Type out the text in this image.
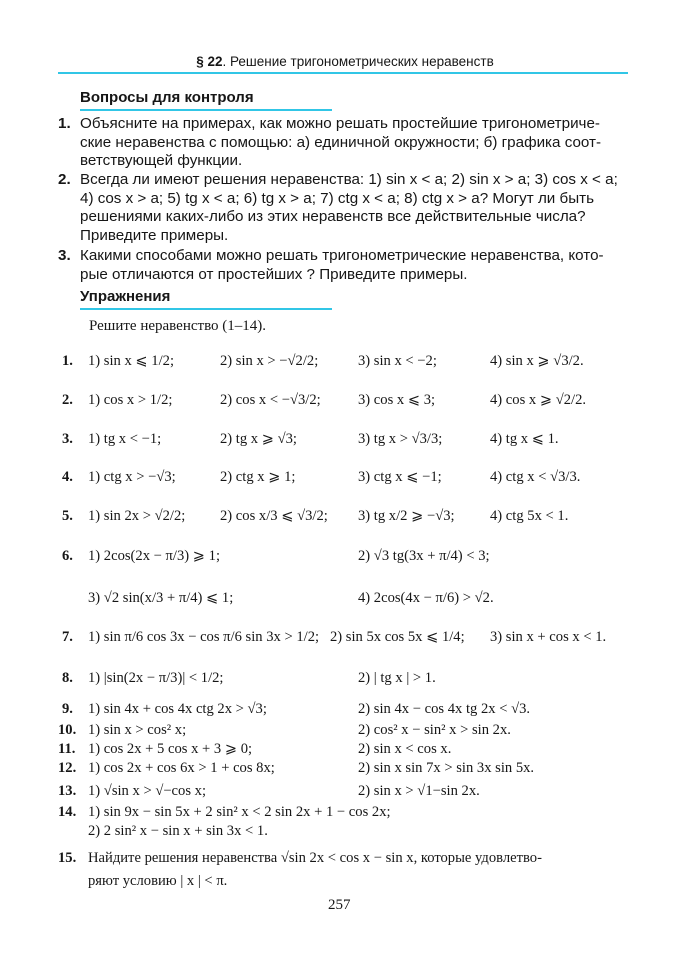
§ 22. Решение тригонометрических неравенств
Вопросы для контроля
1. Объясните на примерах, как можно решать простейшие тригонометриче-
ские неравенства с помощью: а) единичной окружности; б) графика соот-
ветствующей функции.
2. Всегда ли имеют решения неравенства: 1) sin x < a; 2) sin x > a; 3) cos x < a;
4) cos x > a; 5) tg x < a; 6) tg x > a; 7) ctg x < a; 8) ctg x > a? Могут ли быть
решениями каких-либо из этих неравенств все действительные числа?
Приведите примеры.
3. Какими способами можно решать тригонометрические неравенства, кото-
рые отличаются от простейших ? Приведите примеры.
Упражнения
Решите неравенство (1–14).
1. 1) sin x ⩽ 1/2;	2) sin x > −√2/2;	3) sin x < −2;	4) sin x ⩾ √3/2.
2. 1) cos x > 1/2;	2) cos x < −√3/2;	3) cos x ⩽ 3;	4) cos x ⩾ √2/2.
3. 1) tg x < −1;	2) tg x ⩾ √3;	3) tg x > √3/3;	4) tg x ⩽ 1.
4. 1) ctg x > −√3;	2) ctg x ⩾ 1;	3) ctg x ⩽ −1;	4) ctg x < √3/3.
5. 1) sin 2x > √2/2; 2) cos x/3 ⩽ √3/2; 3) tg x/2 ⩾ −√3; 4) ctg 5x < 1.
6. 1) 2cos(2x − π/3) ⩾ 1;	2) √3 tg(3x + π/4) < 3;
3) √2 sin(x/3 + π/4) ⩽ 1;	4) 2cos(4x − π/6) > √2.
7. 1) sin π/6 cos 3x − cos π/6 sin 3x > 1/2; 2) sin 5x cos 5x ⩽ 1/4; 3) sin x + cos x < 1.
8. 1) |sin(2x − π/3)| < 1/2;	2) | tg x | > 1.
9. 1) sin 4x + cos 4x ctg 2x > √3;	2) sin 4x − cos 4x tg 2x < √3.
10. 1) sin x > cos² x;	2) cos² x − sin² x > sin 2x.
11. 1) cos 2x + 5 cos x + 3 ⩾ 0;	2) sin x < cos x.
12. 1) cos 2x + cos 6x > 1 + cos 8x;	2) sin x sin 7x > sin 3x sin 5x.
13. 1) √sin x > √−cos x;	2) sin x > √1−sin 2x.
14. 1) sin 9x − sin 5x + 2 sin² x < 2 sin 2x + 1 − cos 2x;
2) 2 sin² x − sin x + sin 3x < 1.
15. Найдите решения неравенства √sin 2x < cos x − sin x, которые удовлетво-
ряют условию | x | < π.
257
